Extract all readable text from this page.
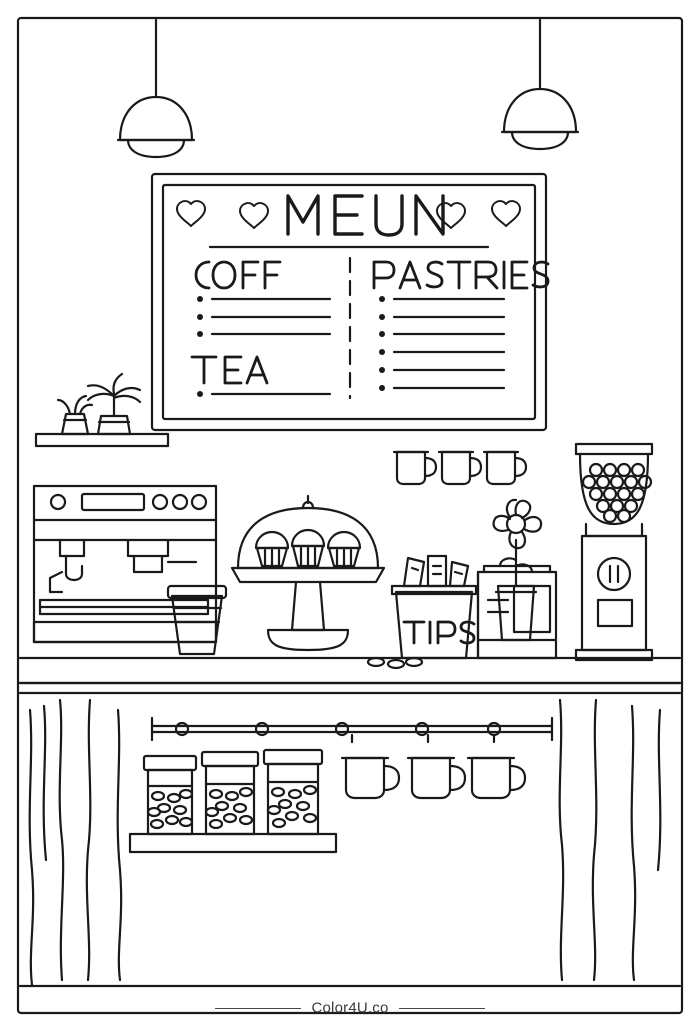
Color4U.co
